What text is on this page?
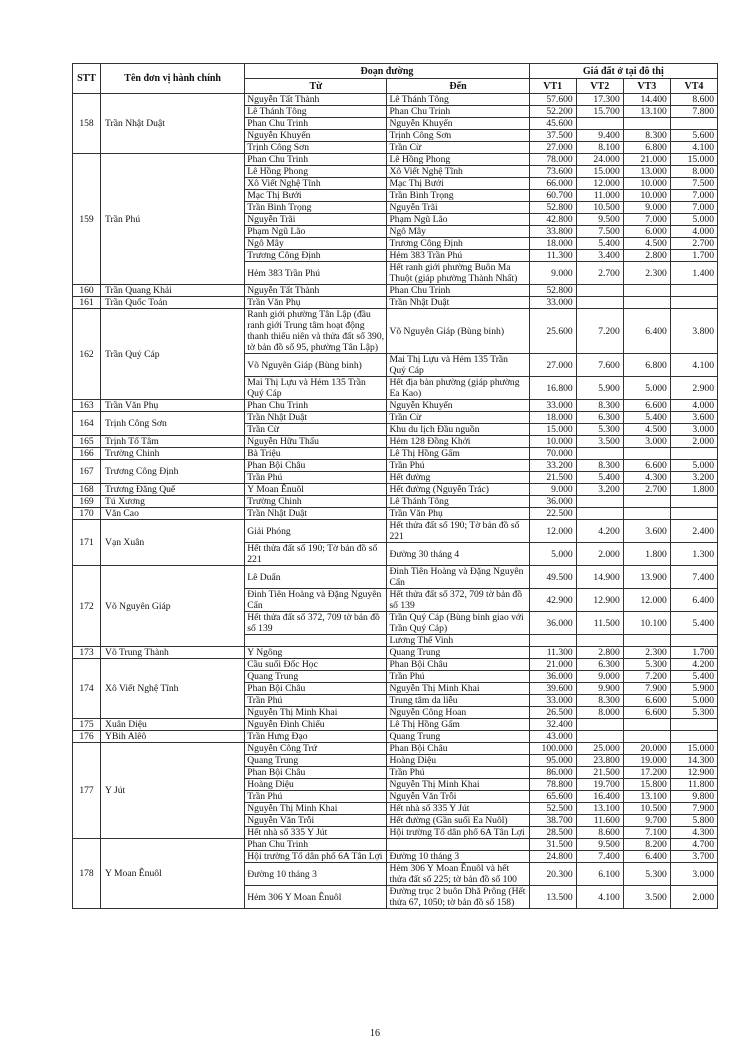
STT	Tên đơn vị hành chính	Đoạn đường		Giá đất ở tại đô thị			
		Từ	Đến	VT1	VT2	VT3	VT4
158	Trần Nhật Duật	Nguyễn Tất Thành	Lê Thánh Tông	57.600	17.300	14.400	8.600
		Lê Thánh Tông	Phan Chu Trinh	52.200	15.700	13.100	7.800
		Phan Chu Trinh	Nguyễn Khuyến	45.600			
		Nguyễn Khuyến	Trịnh Công Sơn	37.500	9.400	8.300	5.600
		Trịnh Công Sơn	Trần Cừ	27.000	8.100	6.800	4.100
159	Trần Phú	Phan Chu Trinh	Lê Hồng Phong	78.000	24.000	21.000	15.000
		Lê Hồng Phong	Xô Viết Nghệ Tĩnh	73.600	15.000	13.000	8.000
		Xô Viết Nghệ Tĩnh	Mạc Thị Bưởi	66.000	12.000	10.000	7.500
		Mạc Thị Bưởi	Trần Bình Trọng	60.700	11.000	10.000	7.000
		Trần Bình Trọng	Nguyễn Trãi	52.800	10.500	9.000	7.000
		Nguyễn Trãi	Phạm Ngũ Lão	42.800	9.500	7.000	5.000
		Phạm Ngũ Lão	Ngô Mây	33.800	7.500	6.000	4.000
		Ngô Mây	Trương Công Định	18.000	5.400	4.500	2.700
		Trương Công Định	Hẻm 383 Trần Phú	11.300	3.400	2.800	1.700
		Hẻm 383 Trần Phú	Hết ranh giới phường Buôn Ma Thuột (giáp phường Thành Nhất)	9.000	2.700	2.300	1.400
160	Trần Quang Khải	Nguyễn Tất Thành	Phan Chu Trinh	52.800			
161	Trần Quốc Toản	Trần Văn Phụ	Trần Nhật Duật	33.000			
162	Trần Quý Cáp	Ranh giới phường Tân Lập (đầu ranh giới Trung tâm hoạt động thanh thiếu niên và thửa đất số 390, tờ bản đồ số 95, phường Tân Lập)	Võ Nguyên Giáp (Bùng binh)	25.600	7.200	6.400	3.800
		Võ Nguyên Giáp (Bùng binh)	Mai Thị Lựu và Hẻm 135 Trần Quý Cáp	27.000	7.600	6.800	4.100
		Mai Thị Lựu và Hẻm 135 Trần Quý Cáp	Hết địa bàn phường (giáp phường Ea Kao)	16.800	5.900	5.000	2.900
163	Trần Văn Phụ	Phan Chu Trinh	Nguyễn Khuyến	33.000	8.300	6.600	4.000
164	Trịnh Công Sơn	Trần Nhật Duật	Trần Cừ	18.000	6.300	5.400	3.600
		Trần Cừ	Khu du lịch Đầu nguồn	15.000	5.300	4.500	3.000
165	Trịnh Tố Tâm	Nguyễn Hữu Thấu	Hẻm 128 Đồng Khởi	10.000	3.500	3.000	2.000
166	Trường Chinh	Bà Triệu	Lê Thị Hồng Gấm	70.000			
167	Trương Công Định	Phan Bội Châu	Trần Phú	33.200	8.300	6.600	5.000
		Trần Phú	Hết đường	21.500	5.400	4.300	3.200
168	Trương Đăng Quế	Y Moan Ênuôl	Hết đường (Nguyễn Trác)	9.000	3.200	2.700	1.800
169	Tú Xương	Trường Chinh	Lê Thánh Tông	36.000			
170	Văn Cao	Trần Nhật Duật	Trần Văn Phụ	22.500			
171	Vạn Xuân	Giải Phóng	Hết thửa đất số 190; Tờ bản đồ số 221	12.000	4.200	3.600	2.400
		Hết thửa đất số 190; Tờ bản đồ số 221	Đường 30 tháng 4	5.000	2.000	1.800	1.300
172	Võ Nguyên Giáp	Lê Duẩn	Đinh Tiên Hoàng và Đặng Nguyên Cẩn	49.500	14.900	13.900	7.400
		Đinh Tiên Hoàng và Đặng Nguyên Cẩn	Hết thửa đất số 372, 709 tờ bản đồ số 139	42.900	12.900	12.000	6.400
		Hết thửa đất số 372, 709 tờ bản đồ số 139	Trần Quý Cáp (Bùng binh giao với Trần Quý Cáp)	36.000	11.500	10.100	5.400
			Lương Thế Vinh				
173	Võ Trung Thành	Y Ngông	Quang Trung	11.300	2.800	2.300	1.700
174	Xô Viết Nghệ Tĩnh	Cầu suối Đốc Học	Phan Bội Châu	21.000	6.300	5.300	4.200
		Quang Trung	Trần Phú	36.000	9.000	7.200	5.400
		Phan Bội Châu	Nguyễn Thị Minh Khai	39.600	9.900	7.900	5.900
		Trần Phú	Trung tâm da liễu	33.000	8.300	6.600	5.000
		Nguyễn Thị Minh Khai	Nguyễn Công Hoan	26.500	8.000	6.600	5.300
175	Xuân Diệu	Nguyễn Đình Chiểu	Lê Thị Hồng Gấm	32.400			
176	YBih Alêô	Trần Hưng Đạo	Quang Trung	43.000			
177	Y Jút	Nguyễn Công Trứ	Phan Bội Châu	100.000	25.000	20.000	15.000
		Quang Trung	Hoàng Diệu	95.000	23.800	19.000	14.300
		Phan Bội Châu	Trần Phú	86.000	21.500	17.200	12.900
		Hoàng Diệu	Nguyễn Thị Minh Khai	78.800	19.700	15.800	11.800
		Trần Phú	Nguyễn Văn Trỗi	65.600	16.400	13.100	9.800
		Nguyễn Thị Minh Khai	Hết nhà số 335 Y Jút	52.500	13.100	10.500	7.900
		Nguyễn Văn Trỗi	Hết đường (Gần suối Ea Nuôl)	38.700	11.600	9.700	5.800
		Hết nhà số 335 Y Jút	Hội trường Tổ dân phố 6A Tân Lợi	28.500	8.600	7.100	4.300
178	Y Moan Ênuôl	Phan Chu Trinh		31.500	9.500	8.200	4.700
		Hội trường Tổ dân phố 6A Tân Lợi	Đường 10 tháng 3	24.800	7.400	6.400	3.700
		Đường 10 tháng 3	Hẻm 306 Y Moan Ênuôl và hết thửa đất số 225; tờ bản đồ số 100	20.300	6.100	5.300	3.000
		Hẻm 306 Y Moan Ênuôl	Đường trục 2 buôn Dhă Prông (Hết thửa 67, 1050; tờ bản đồ số 158)	13.500	4.100	3.500	2.000
16
